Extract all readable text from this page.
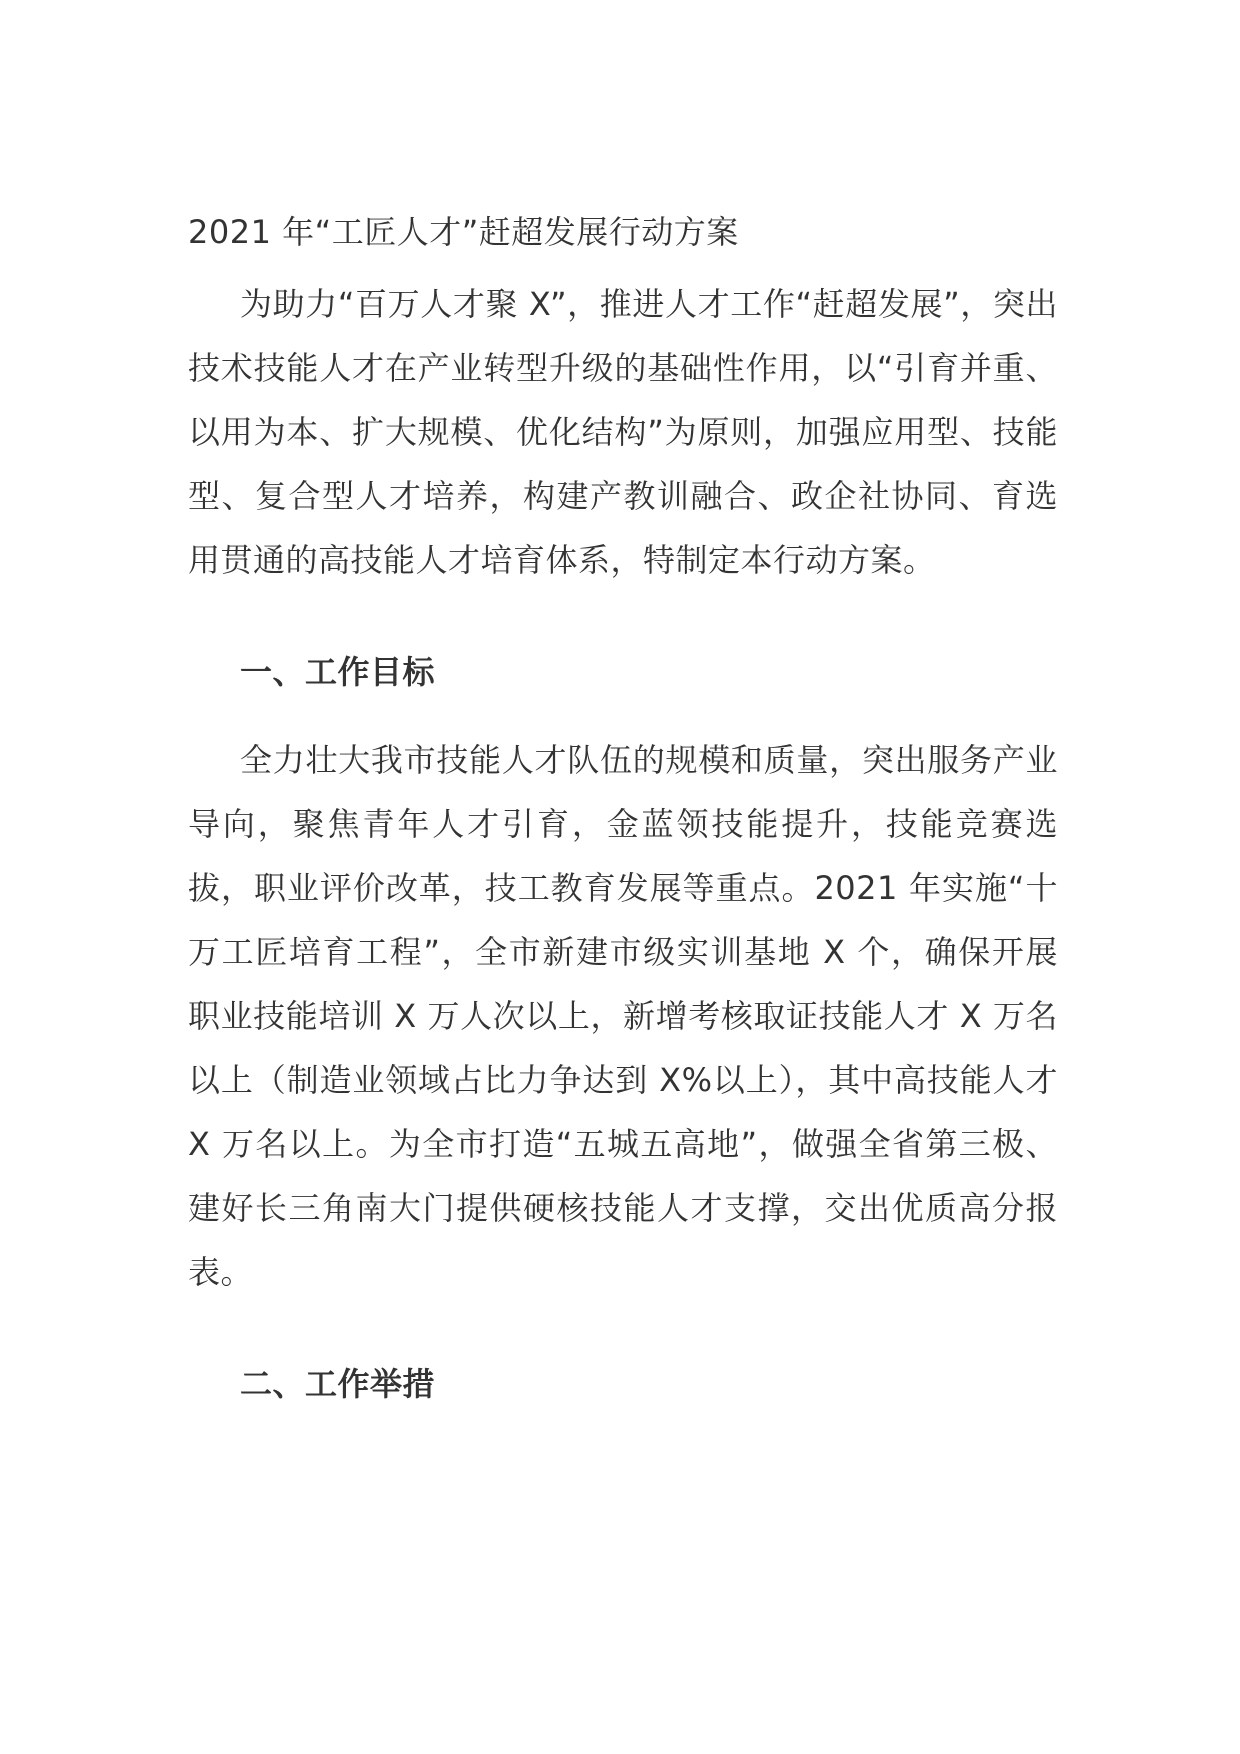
2021 年“工匠人才”赶超发展行动方案

为助力“百万人才聚 X”，推进人才工作“赶超发展”，突出技术技能人才在产业转型升级的基础性作用，以“引育并重、以用为本、扩大规模、优化结构”为原则，加强应用型、技能型、复合型人才培养，构建产教训融合、政企社协同、育选用贯通的高技能人才培育体系，特制定本行动方案。

一、工作目标

全力壮大我市技能人才队伍的规模和质量，突出服务产业导向，聚焦青年人才引育，金蓝领技能提升，技能竞赛选拔，职业评价改革，技工教育发展等重点。2021 年实施“十万工匠培育工程”，全市新建市级实训基地 X 个，确保开展职业技能培训 X 万人次以上，新增考核取证技能人才 X 万名以上（制造业领域占比力争达到 X%以上），其中高技能人才 X 万名以上。为全市打造“五城五高地”，做强全省第三极、建好长三角南大门提供硬核技能人才支撑，交出优质高分报表。

二、工作举措
